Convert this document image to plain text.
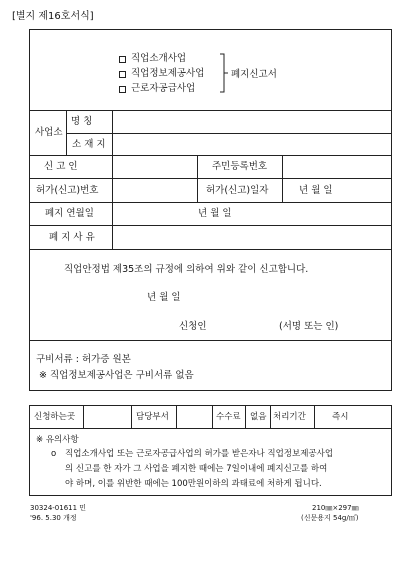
[별지 제16호서식]
직업소개사업
직업정보제공사업
근로자공급사업
폐지신고서
사업소
명 칭
소 재 지
신 고 인	주민등록번호
허가(신고)번호	허가(신고)일자	년 월 일
폐지 연월일	년 월 일
폐 지 사 유
직업안정법 제35조의 규정에 의하여 위와 같이 신고합니다.
년 월 일
신청인	(서명 또는 인)
구비서류 : 허가증 원본
※ 직업정보제공사업은 구비서류 없음
신청하는곳	담당부서	수수료 없음 처리기간	즉시
※ 유의사항
o 직업소개사업 또는 근로자공급사업의 허가를 받은자나 직업정보제공사업
의 신고를 한 자가 그 사업을 폐지한 때에는 7일이내에 폐지신고를 하여
야 하며, 이를 위반한 때에는 100만원이하의 과태료에 처하게 됩니다.
30324-01611 민
'96. 5.30 개정
210㎜×297㎜
(신문용지 54g/㎡)
